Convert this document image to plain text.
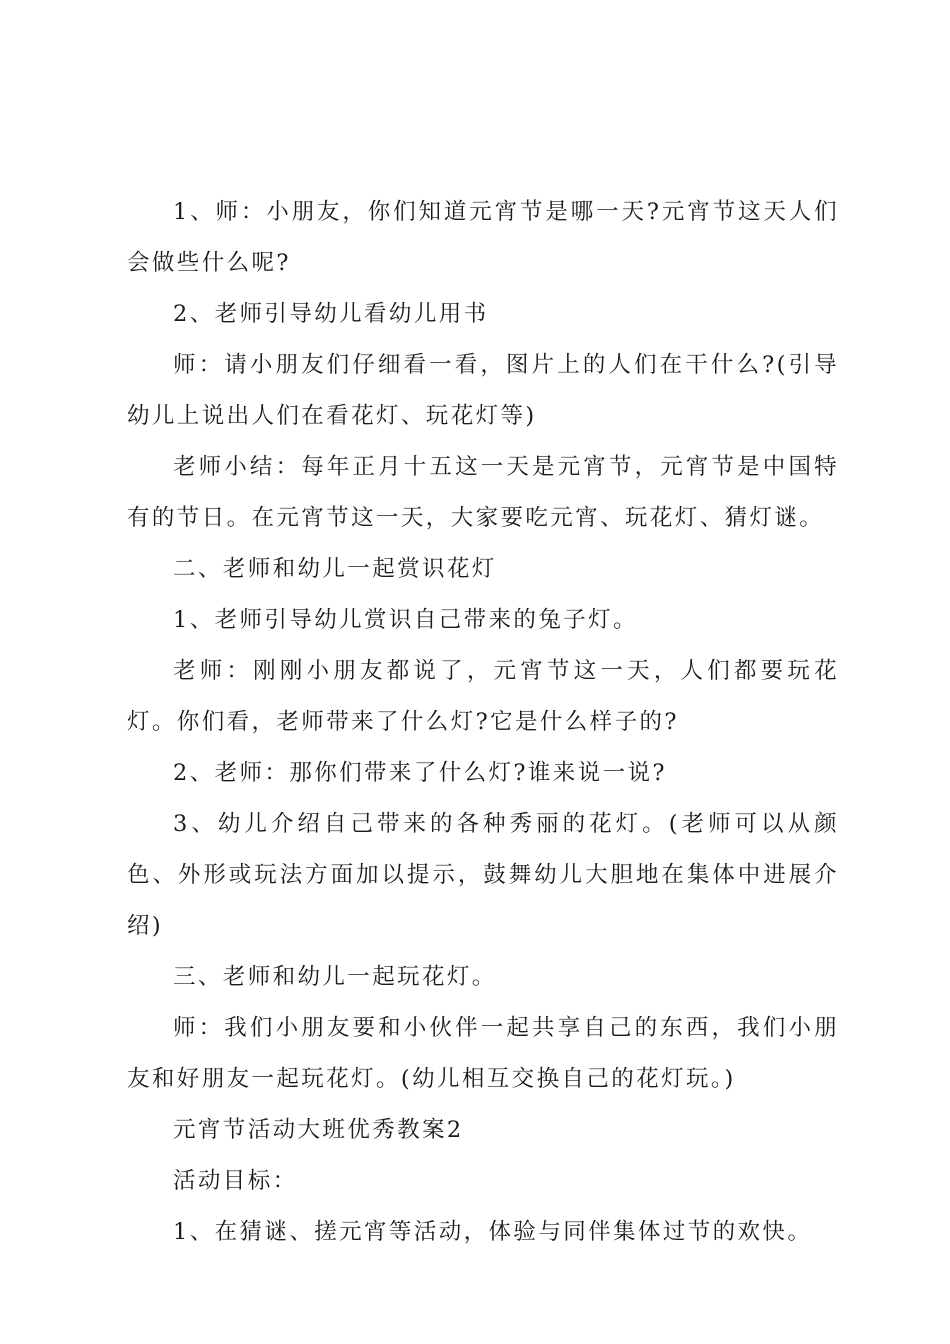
1、师：小朋友，你们知道元宵节是哪一天?元宵节这天人们会做些什么呢?

2、老师引导幼儿看幼儿用书

师：请小朋友们仔细看一看，图片上的人们在干什么?(引导幼儿上说出人们在看花灯、玩花灯等)

老师小结：每年正月十五这一天是元宵节，元宵节是中国特有的节日。在元宵节这一天，大家要吃元宵、玩花灯、猜灯谜。

二、老师和幼儿一起赏识花灯

1、老师引导幼儿赏识自己带来的兔子灯。

老师：刚刚小朋友都说了，元宵节这一天，人们都要玩花灯。你们看，老师带来了什么灯?它是什么样子的?

2、老师：那你们带来了什么灯?谁来说一说?

3、幼儿介绍自己带来的各种秀丽的花灯。(老师可以从颜色、外形或玩法方面加以提示，鼓舞幼儿大胆地在集体中进展介绍)

三、老师和幼儿一起玩花灯。

师：我们小朋友要和小伙伴一起共享自己的东西，我们小朋友和好朋友一起玩花灯。(幼儿相互交换自己的花灯玩。)

元宵节活动大班优秀教案2

活动目标：

1、在猜谜、搓元宵等活动，体验与同伴集体过节的欢快。
